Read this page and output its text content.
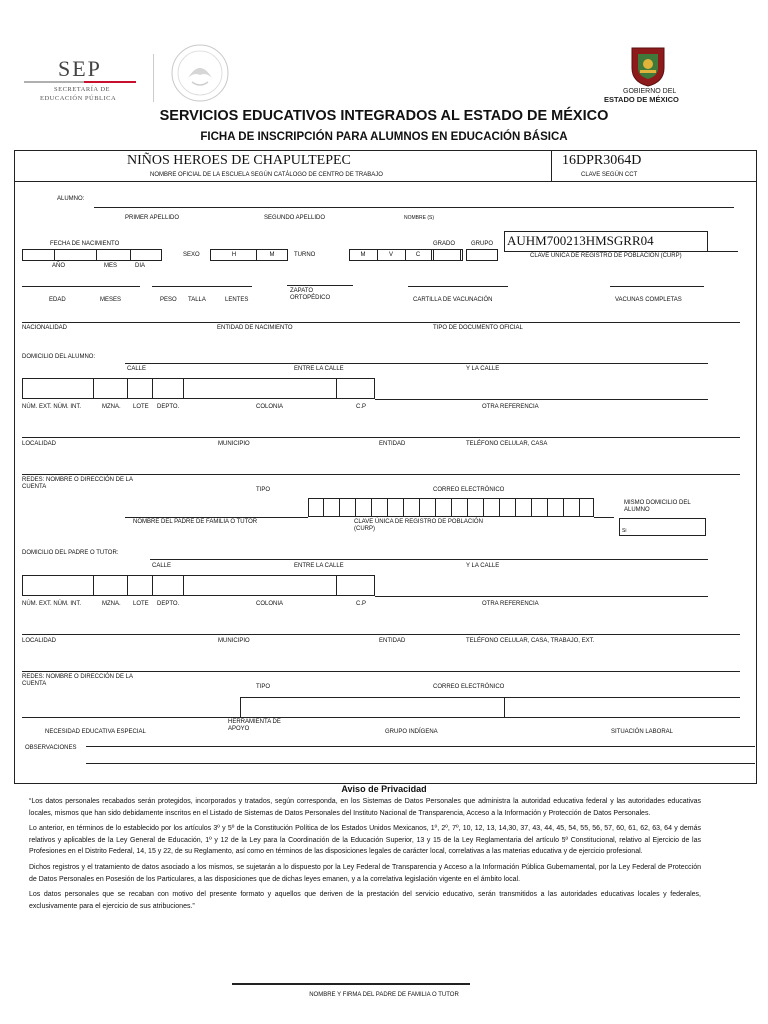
SEP
SECRETARÍA DE
EDUCACIÓN PÚBLICA
GOBIERNO DEL
ESTADO DE MÉXICO
SERVICIOS EDUCATIVOS INTEGRADOS AL ESTADO DE MÉXICO
FICHA DE INSCRIPCIÓN PARA ALUMNOS EN EDUCACIÓN BÁSICA
NIÑOS HEROES DE CHAPULTEPEC
NOMBRE OFICIAL DE LA ESCUELA SEGÚN CATÁLOGO DE CENTRO DE TRABAJO
16DPR3064D
CLAVE SEGÚN CCT
ALUMNO:
PRIMER APELLIDO	SEGUNDO APELLIDO	NOMBRE (S)
FECHA DE NACIMIENTO
AÑO	MES	DIA
SEXO	H	M	TURNO	M	V	C
GRADO	GRUPO AUHM700213HMSGRR04
CLAVE ÚNICA DE REGISTRO DE POBLACIÓN (CURP)
EDAD	MESES	PESO TALLA	LENTES
ZAPATO ORTOPÉDICO	CARTILLA DE VACUNACIÓN	VACUNAS COMPLETAS
NACIONALIDAD	ENTIDAD DE NACIMIENTO	TIPO DE DOCUMENTO OFICIAL
DOMICILIO DEL ALUMNO:
CALLE	ENTRE LA CALLE	Y LA CALLE
NÚM. EXT. NÚM. INT.	MZNA. LOTE DEPTO.	COLONIA	C.P	OTRA REFERENCIA
LOCALIDAD	MUNICIPIO	ENTIDAD	TELÉFONO CELULAR, CASA
REDES: NOMBRE O DIRECCIÓN DE LA CUENTA	TIPO	CORREO ELECTRÓNICO
NOMBRE DEL PADRE DE FAMILIA O TUTOR	CLAVE ÚNICA DE REGISTRO DE POBLACIÓN (CURP)
MISMO DOMICILIO DEL ALUMNO
Si
DOMICILIO DEL PADRE O TUTOR:
CALLE	ENTRE LA CALLE	Y LA CALLE
NÚM. EXT. NÚM. INT.	MZNA. LOTE DEPTO.	COLONIA	C.P	OTRA REFERENCIA
LOCALIDAD	MUNICIPIO	ENTIDAD	TELÉFONO CELULAR, CASA, TRABAJO, EXT.
REDES: NOMBRE O DIRECCIÓN DE LA CUENTA	TIPO	CORREO ELECTRÓNICO
HERRAMIENTA DE APOYO
NECESIDAD EDUCATIVA ESPECIAL	GRUPO INDÍGENA	SITUACIÓN LABORAL
OBSERVACIONES
Aviso de Privacidad

“Los datos personales recabados serán protegidos, incorporados y tratados, según corresponda, en los Sistemas de Datos Personales que administra la autoridad educativa federal y las autoridades educativas locales, mismos que han sido debidamente inscritos en el Listado de Sistemas de Datos Personales del Instituto Nacional de Transparencia, Acceso a la Información y Protección de Datos Personales.

Lo anterior, en términos de lo establecido por los artículos 3º y 5º de la Constitución Política de los Estados Unidos Mexicanos, 1º, 2º, 7º, 10, 12, 13, 14,30, 37, 43, 44, 45, 54, 55, 56, 57, 60, 61, 62, 63, 64 y demás relativos y aplicables de la Ley General de Educación, 1º y 12 de la Ley para la Coordinación de la Educación Superior, 13 y 15 de la Ley Reglamentaria del artículo 5º Constitucional, relativo al Ejercicio de las Profesiones en el Distrito Federal, 14, 15 y 22, de su Reglamento, así como en términos de las disposiciones legales de carácter local, correlativas a las materias educativa y de ejercicio profesional.

Dichos registros y el tratamiento de datos asociado a los mismos, se sujetarán a lo dispuesto por la Ley Federal de Transparencia y Acceso a la Información Pública Gubernamental, por la Ley Federal de Protección de Datos Personales en Posesión de los Particulares, a las disposiciones que de dichas leyes emanen, y a la correlativa legislación vigente en el ámbito local.

Los datos personales que se recaban con motivo del presente formato y aquellos que deriven de la prestación del servicio educativo, serán transmitidos a las autoridades educativas locales y federales, exclusivamente para el ejercicio de sus atribuciones.”

NOMBRE Y FIRMA DEL PADRE DE FAMILIA O TUTOR
